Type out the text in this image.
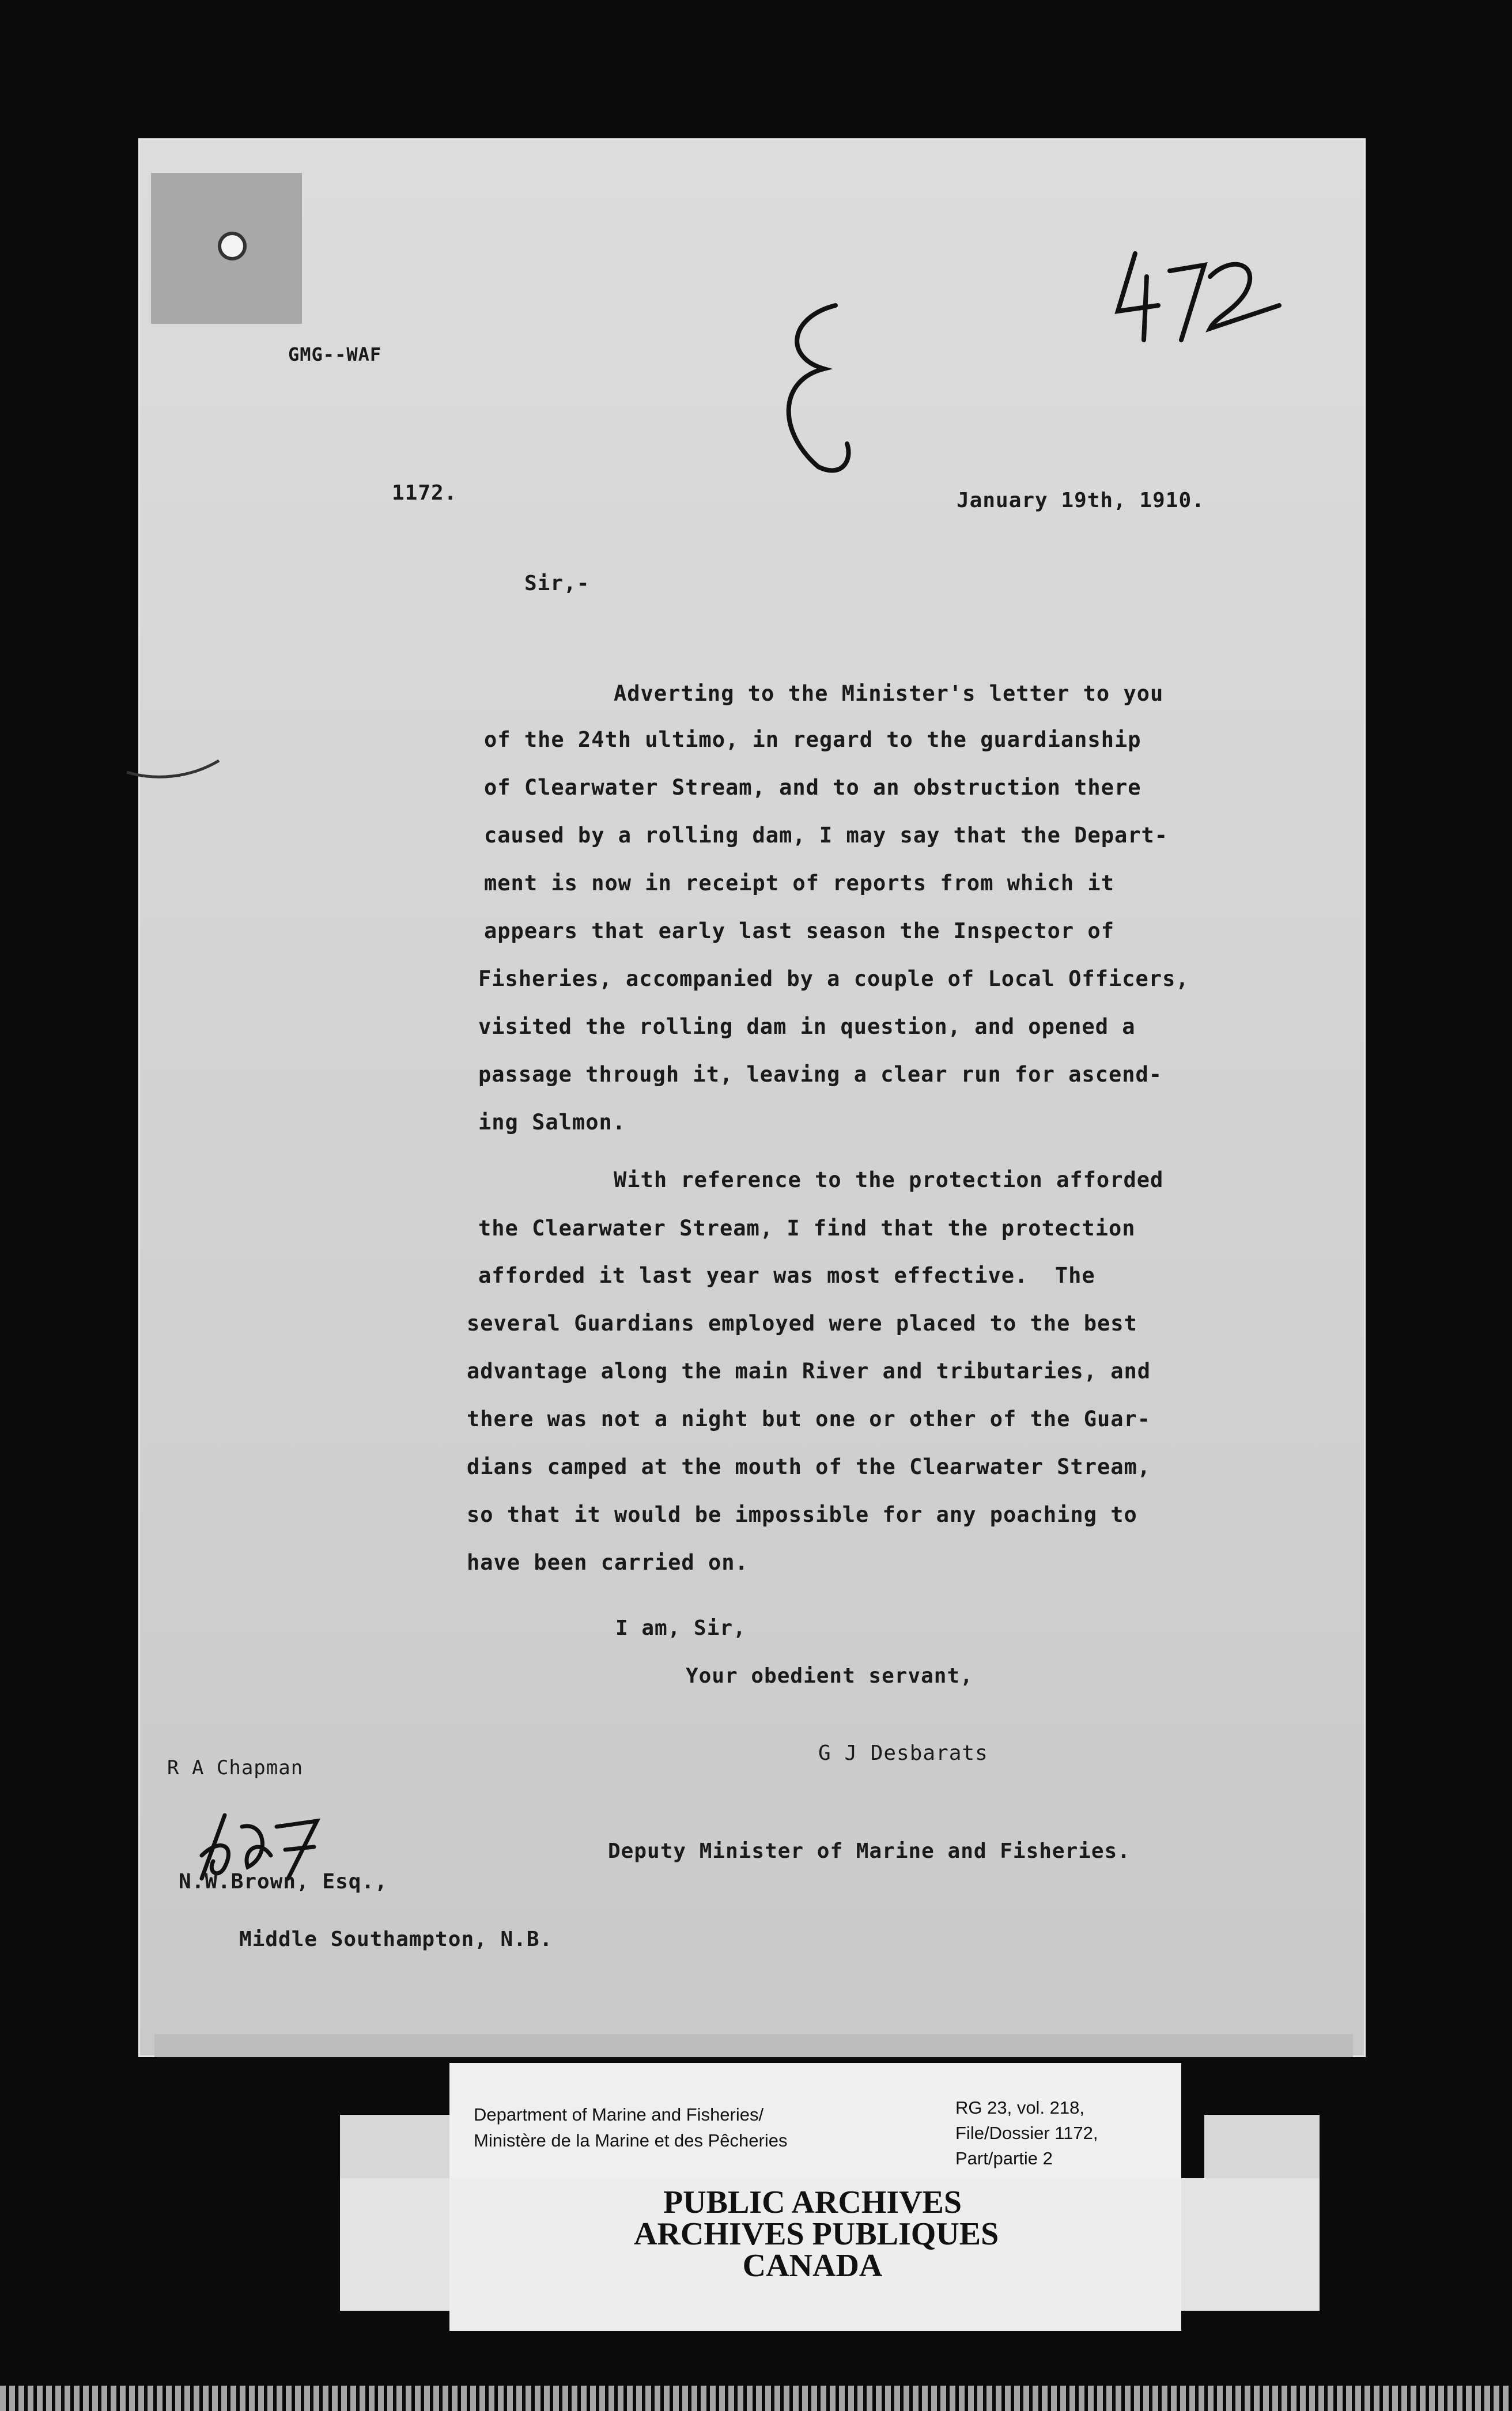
GMG--WAF
1172.	January 19th, 1910.
Sir,-
Adverting to the Minister's letter to you
of the 24th ultimo, in regard to the guardianship
of Clearwater Stream, and to an obstruction there
caused by a rolling dam, I may say that the Depart-
ment is now in receipt of reports from which it
appears that early last season the Inspector of
Fisheries, accompanied by a couple of Local Officers,
visited the rolling dam in question, and opened a
passage through it, leaving a clear run for ascend-
ing Salmon.
With reference to the protection afforded
the Clearwater Stream, I find that the protection
afforded it last year was most effective.  The
several Guardians employed were placed to the best
advantage along the main River and tributaries, and
there was not a night but one or other of the Guar-
dians camped at the mouth of the Clearwater Stream,
so that it would be impossible for any poaching to
have been carried on.
I am, Sir,
Your obedient servant,
G J Desbarats
R A Chapman
Deputy Minister of Marine and Fisheries.
N.W.Brown, Esq.,
Middle Southampton, N.B.
Department of Marine and Fisheries/
Ministère de la Marine et des Pêcheries
RG 23, vol. 218,
File/Dossier 1172,
Part/partie 2
PUBLIC ARCHIVES
ARCHIVES PUBLIQUES
CANADA
